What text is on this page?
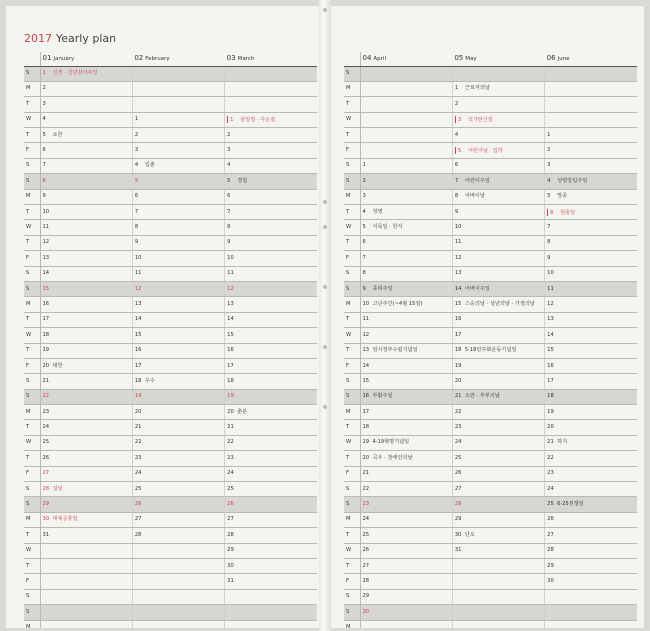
2017 Yearly plan
	01 January	02 February	03 March
S	1 신정 · 신년감사주일		
M	2		
T	3		
W	4	1	1 삼일절 · 사순절
T	5 소한	2	2
F	6	3	3
S	7	4 입춘	4
S	8	5	5 경칩
M	9	6	6
T	10	7	7
W	11	8	8
T	12	9	9
F	13	10	10
S	14	11	11
S	15	12	12
M	16	13	13
T	17	14	14
W	18	15	15
T	19	16	16
F	20 대한	17	17
S	21	18 우수	18
S	22	19	19
M	23	20	20 춘분
T	24	21	21
W	25	22	22
T	26	23	23
F	27	24	24
S	28 설날	25	25
S	29	26	26
M	30 대체공휴일	27	27
T	31	28	28
W			29
T			30
F			31
S			
S			
M			
	04 April	05 May	06 June
S			
M		1 근로자의날	
T		2	
W		3 석가탄신일	
T		4	1
F		5 어린이날 · 입하	2
S	1	6	3
S	2	7 어린이주일	4 성령강림주일
M	3	8 어버이날	5 망종
T	4 청명	9	6 현충일
W	5 식목일 · 한식	10	7
T	6	11	8
F	7	12	9
S	8	13	10
S	9 종려주일	14 어버이주일	11
M	10 고난주간(~4월 15일)	15 스승의날 · 성년의날 · 가정의날	12
T	11	16	13
W	12	17	14
T	13 임시정부수립기념일	18 5·18민주화운동기념일	15
F	14	19	16
S	15	20	17
S	16 부활주일	21 소만 · 부부의날	18
M	17	22	19
T	18	23	20
W	19 4·19혁명기념일	24	21 하지
T	20 곡우 · 장애인의날	25	22
F	21	26	23
S	22	27	24
S	23	28	25 6·25전쟁일
M	24	29	26
T	25	30 단오	27
W	26	31	28
T	27		29
F	28		30
S	29		
S	30		
M			
